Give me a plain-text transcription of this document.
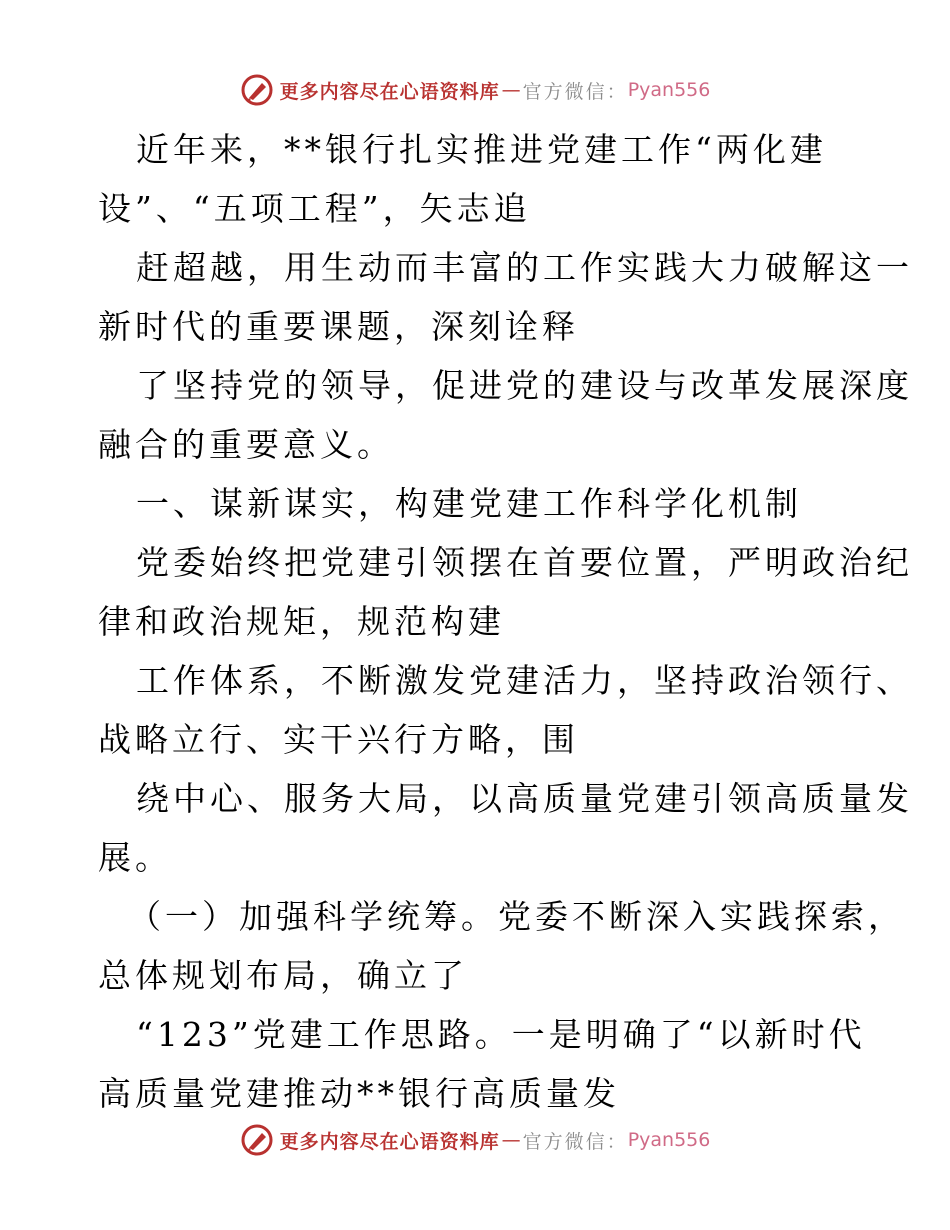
更多内容尽在心语资料库 — 官方微信： Pyan556
近年来，**银行扎实推进党建工作“两化建
设”、“五项工程”，矢志追
赶超越，用生动而丰富的工作实践大力破解这一
新时代的重要课题，深刻诠释
了坚持党的领导，促进党的建设与改革发展深度
融合的重要意义。
一、谋新谋实，构建党建工作科学化机制
党委始终把党建引领摆在首要位置，严明政治纪
律和政治规矩，规范构建
工作体系，不断激发党建活力，坚持政治领行、
战略立行、实干兴行方略，围
绕中心、服务大局，以高质量党建引领高质量发
展。
（一）加强科学统筹。党委不断深入实践探索，
总体规划布局，确立了
“123”党建工作思路。一是明确了“以新时代
高质量党建推动**银行高质量发
更多内容尽在心语资料库 — 官方微信： Pyan556
